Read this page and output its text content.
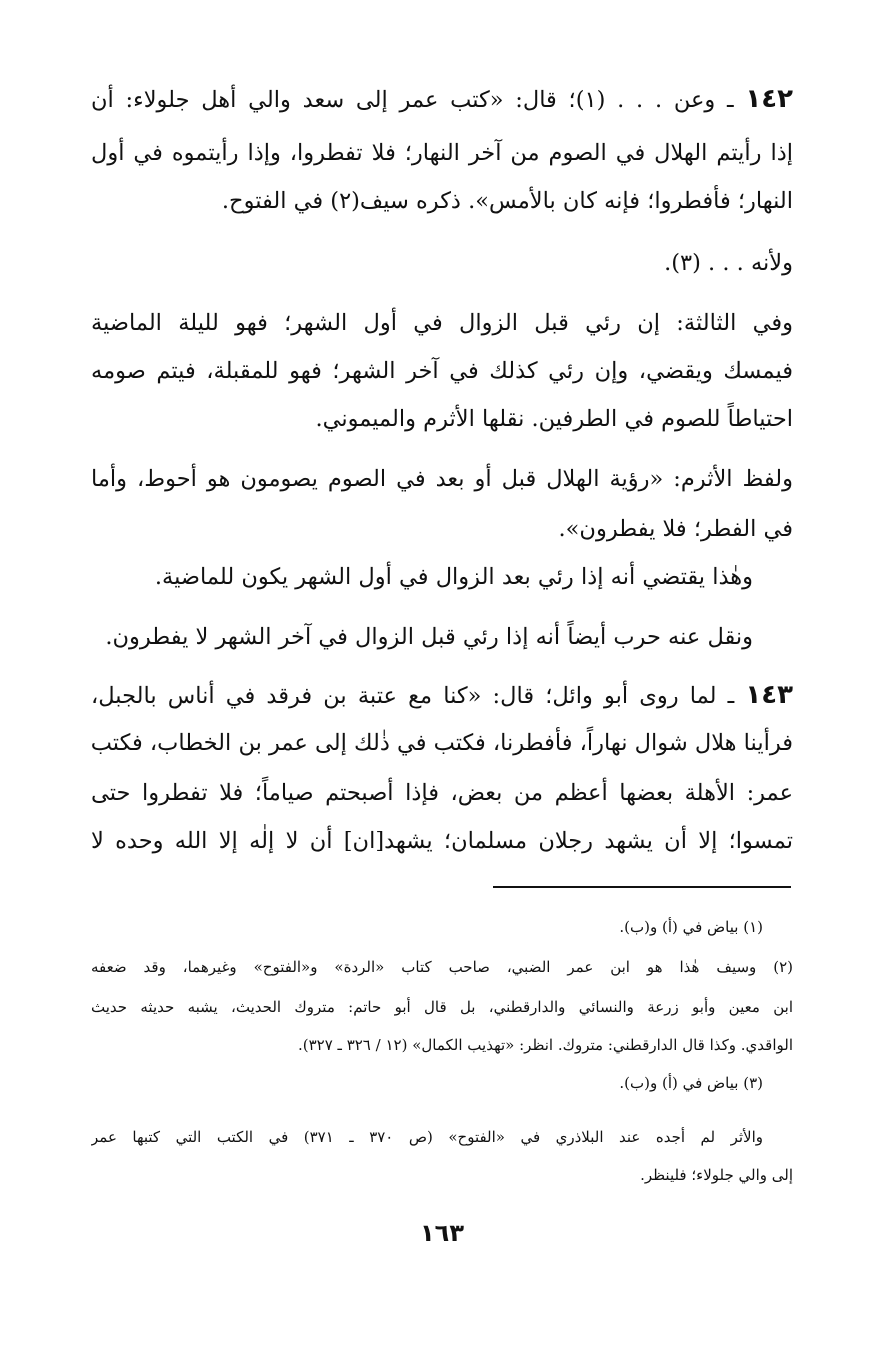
١٤٢ ـ وعن . . . (١)؛ قال: «كتب عمر إلى سعد والي أهل جلولاء: أن
إذا رأيتم الهلال في الصوم من آخر النهار؛ فلا تفطروا، وإذا رأيتموه في أول
النهار؛ فأفطروا؛ فإنه كان بالأمس». ذكره سيف(٢) في الفتوح.
ولأنه . . . (٣).
وفي الثالثة: إن رئي قبل الزوال في أول الشهر؛ فهو لليلة الماضية
فيمسك ويقضي، وإن رئي كذلك في آخر الشهر؛ فهو للمقبلة، فيتم صومه
احتياطاً للصوم في الطرفين. نقلها الأثرم والميموني.
ولفظ الأثرم: «رؤية الهلال قبل أو بعد في الصوم يصومون هو أحوط، وأما
في الفطر؛ فلا يفطرون».
وهٰذا يقتضي أنه إذا رئي بعد الزوال في أول الشهر يكون للماضية.
ونقل عنه حرب أيضاً أنه إذا رئي قبل الزوال في آخر الشهر لا يفطرون.
١٤٣ ـ لما روى أبو وائل؛ قال: «كنا مع عتبة بن فرقد في أناس بالجبل،
فرأينا هلال شوال نهاراً، فأفطرنا، فكتب في ذٰلك إلى عمر بن الخطاب، فكتب
عمر: الأهلة بعضها أعظم من بعض، فإذا أصبحتم صياماً؛ فلا تفطروا حتى
تمسوا؛ إلا أن يشهد رجلان مسلمان؛ يشهد[ان] أن لا إلٰه إلا الله وحده لا
(١) بياض في (أ) و(ب).
(٢) وسيف هٰذا هو ابن عمر الضبي، صاحب كتاب «الردة» و«الفتوح» وغيرهما، وقد ضعفه
ابن معين وأبو زرعة والنسائي والدارقطني، بل قال أبو حاتم: متروك الحديث، يشبه حديثه حديث
الواقدي. وكذا قال الدارقطني: متروك. انظر: «تهذيب الكمال» (١٢ / ٣٢٦ ـ ٣٢٧).
(٣) بياض في (أ) و(ب).
والأثر لم أجده عند البلاذري في «الفتوح» (ص ٣٧٠ ـ ٣٧١) في الكتب التي كتبها عمر
إلى والي جلولاء؛ فلينظر.
١٦٣
